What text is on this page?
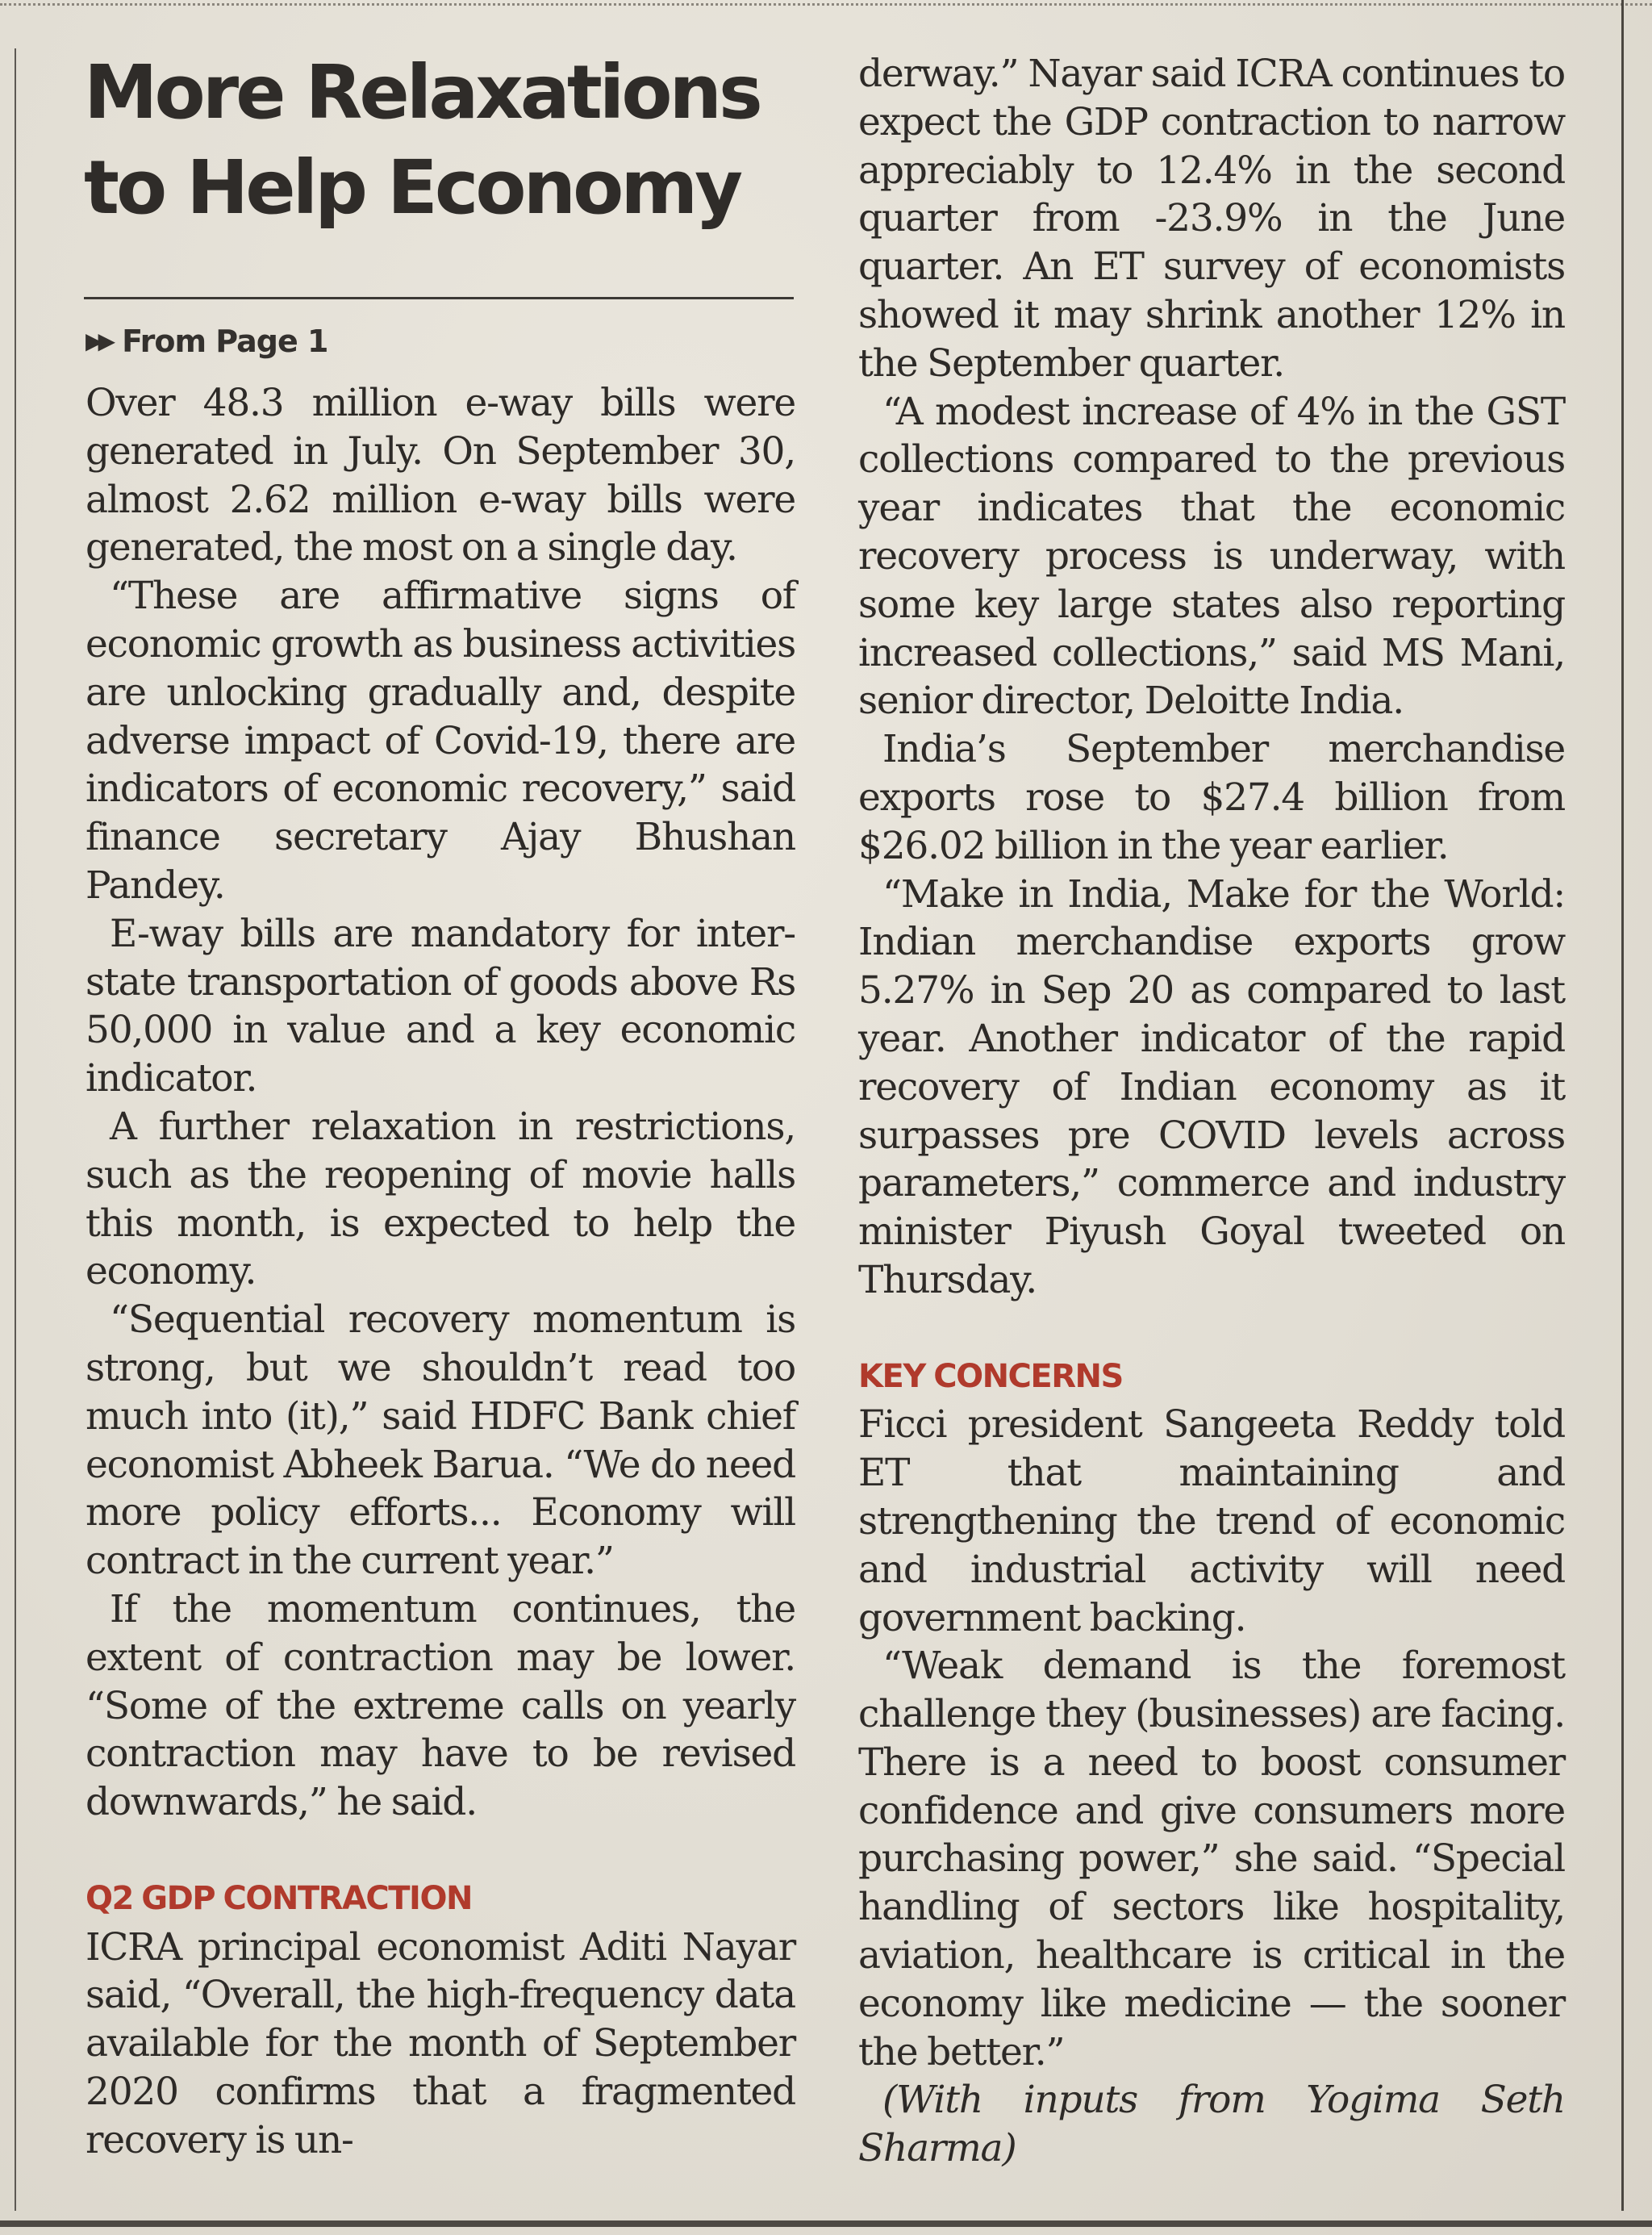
More Relaxations
to Help Economy
▶▶ From Page 1

Over 48.3 million e-way bills were generated in July. On September 30, almost 2.62 million e-way bills were generated, the most on a single day.

“These are affirmative signs of economic growth as business activities are unlocking gradually and, despite adverse impact of Covid-19, there are indicators of economic recovery,” said finance secretary Ajay Bhushan Pandey.

E-way bills are mandatory for inter-state transportation of goods above Rs 50,000 in value and a key economic indicator.

A further relaxation in restrictions, such as the reopening of movie halls this month, is expected to help the economy.

“Sequential recovery momentum is strong, but we shouldn’t read too much into (it),” said HDFC Bank chief economist Abheek Barua. “We do need more policy efforts... Economy will contract in the current year.”

If the momentum continues, the extent of contraction may be lower. “Some of the extreme calls on yearly contraction may have to be revised downwards,” he said.

Q2 GDP CONTRACTION

ICRA principal economist Aditi Nayar said, “Overall, the high-frequency data available for the month of September 2020 confirms that a fragmented recovery is un-

derway.” Nayar said ICRA continues to expect the GDP contraction to narrow appreciably to 12.4% in the second quarter from -23.9% in the June quarter. An ET survey of economists showed it may shrink another 12% in the September quarter.

“A modest increase of 4% in the GST collections compared to the previous year indicates that the economic recovery process is underway, with some key large states also reporting increased collections,” said MS Mani, senior director, Deloitte India.

India’s September merchandise exports rose to $27.4 billion from $26.02 billion in the year earlier.

“Make in India, Make for the World: Indian merchandise exports grow 5.27% in Sep 20 as compared to last year. Another indicator of the rapid recovery of Indian economy as it surpasses pre COVID levels across parameters,” commerce and industry minister Piyush Goyal tweeted on Thursday.

KEY CONCERNS

Ficci president Sangeeta Reddy told ET that maintaining and strengthening the trend of economic and industrial activity will need government backing.

“Weak demand is the foremost challenge they (businesses) are facing. There is a need to boost consumer confidence and give consumers more purchasing power,” she said. “Special handling of sectors like hospitality, aviation, healthcare is critical in the economy like medicine — the sooner the better.”

(With inputs from Yogima Seth Sharma)
